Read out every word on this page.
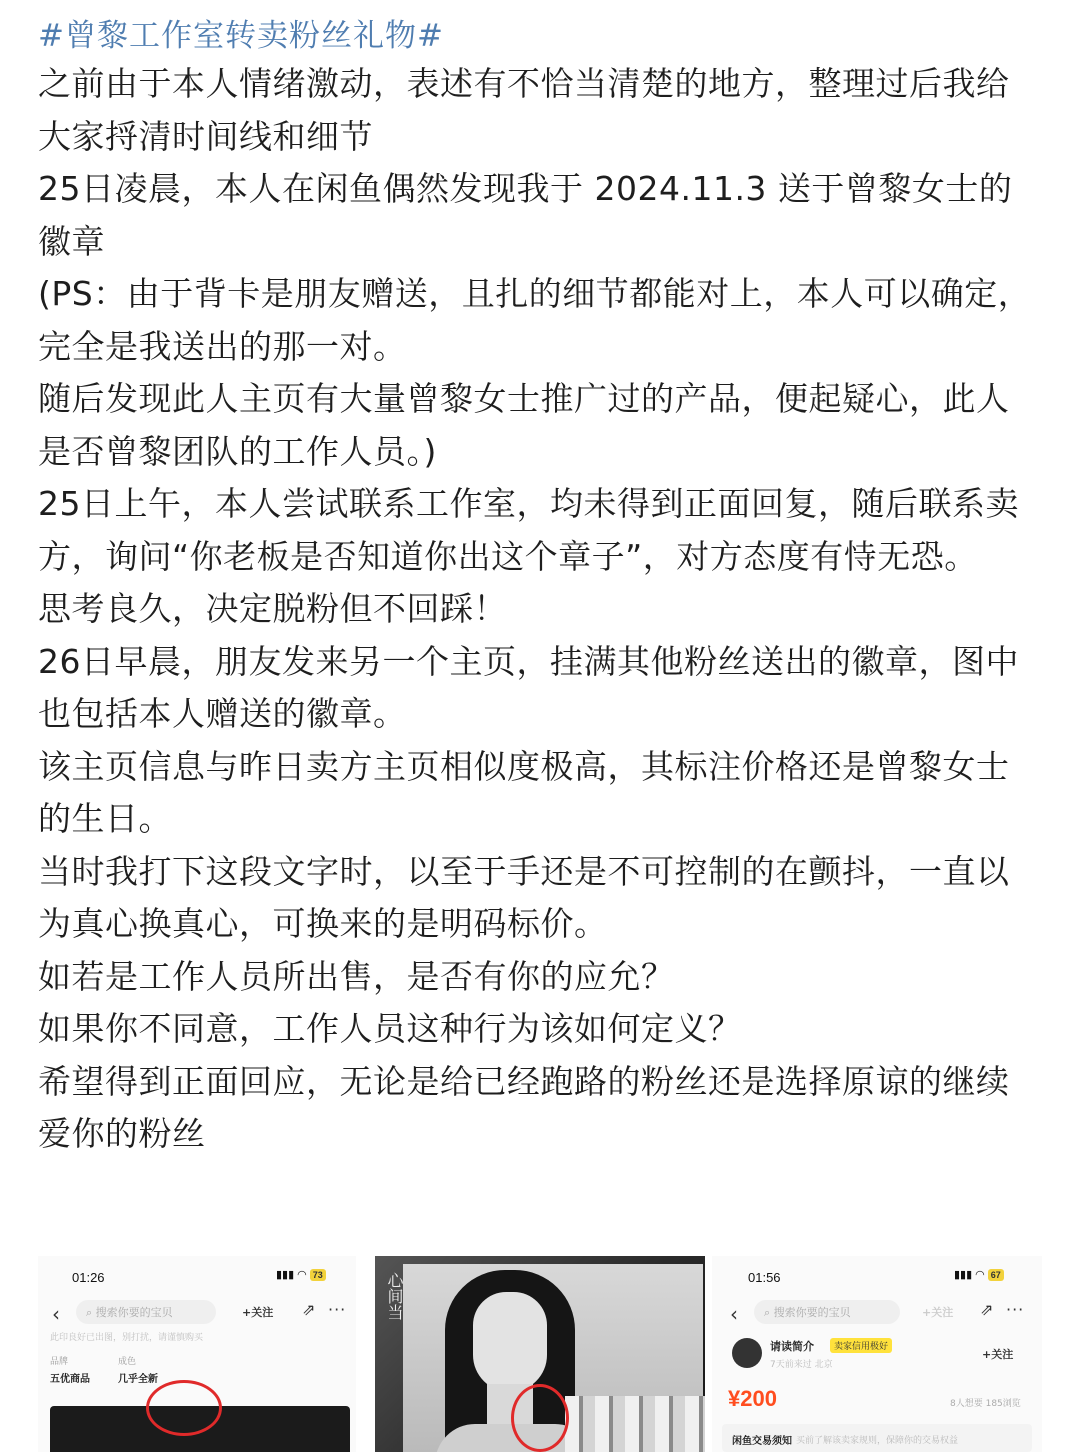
#曾黎工作室转卖粉丝礼物#

之前由于本人情绪激动，表述有不恰当清楚的地方，整理过后我给大家捋清时间线和细节

25日凌晨，本人在闲鱼偶然发现我于 2024.11.3 送于曾黎女士的徽章

(PS：由于背卡是朋友赠送，且扎的细节都能对上，本人可以确定，完全是我送出的那一对。

随后发现此人主页有大量曾黎女士推广过的产品，便起疑心，此人是否曾黎团队的工作人员。)

25日上午，本人尝试联系工作室，均未得到正面回复，随后联系卖方，询问“你老板是否知道你出这个章子”，对方态度有恃无恐。

思考良久，决定脱粉但不回踩！

26日早晨，朋友发来另一个主页，挂满其他粉丝送出的徽章，图中也包括本人赠送的徽章。

该主页信息与昨日卖方主页相似度极高，其标注价格还是曾黎女士的生日。

当时我打下这段文字时，以至于手还是不可控制的在颤抖，一直以为真心换真心，可换来的是明码标价。

如若是工作人员所出售，是否有你的应允？

如果你不同意，工作人员这种行为该如何定义？

希望得到正面回应，无论是给已经跑路的粉丝还是选择原谅的继续爱你的粉丝

01:26	▮▮▮ ◠ 73
‹	⌕ 搜索你要的宝贝	+关注 ⇗ ···
此印良好已出图，别打扰，请谨慎购买
品牌
五优商品
成色
几乎全新
心间当	01:56	▮▮▮ ◠ 67
‹	⌕ 搜索你要的宝贝	+关注 ⇗ ···
请读简介	卖家信用极好
7天前来过 北京
+关注
¥200	8人想要 185浏览
闲鱼交易须知 买前了解该卖家规则，保障你的交易权益
